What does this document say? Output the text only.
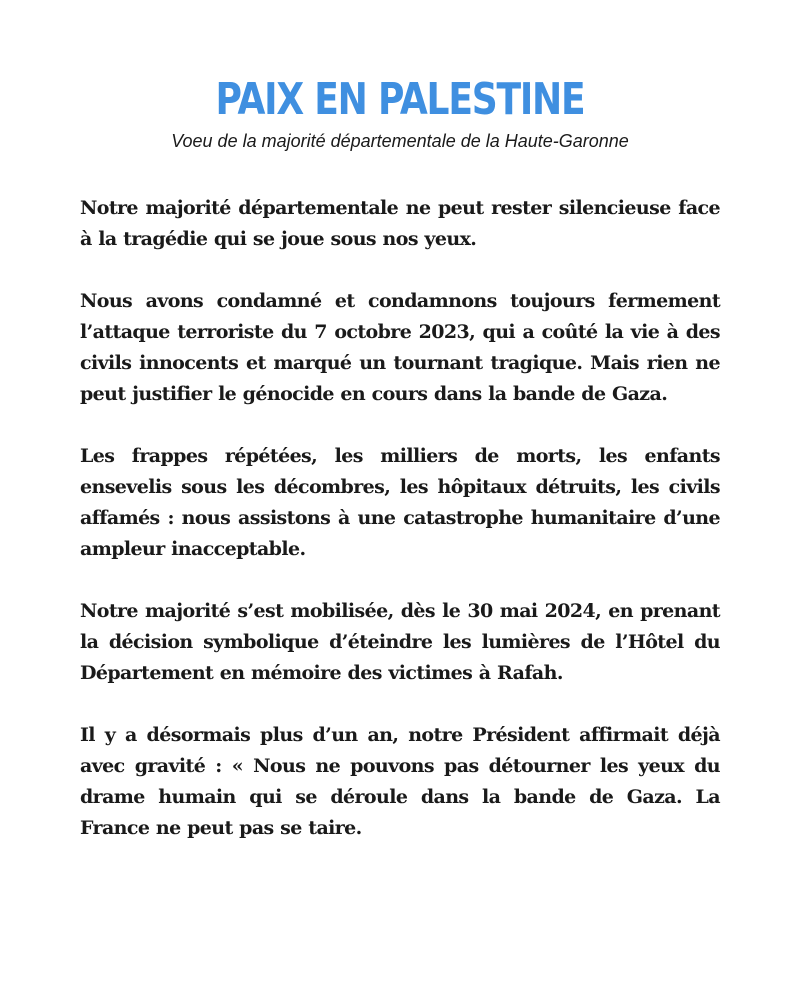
PAIX EN PALESTINE
Voeu de la majorité départementale de la Haute-Garonne

Notre majorité départementale ne peut rester silencieuse face à la tragédie qui se joue sous nos yeux.

Nous avons condamné et condamnons toujours fermement l’attaque terroriste du 7 octobre 2023, qui a coûté la vie à des civils innocents et marqué un tournant tragique. Mais rien ne peut justifier le génocide en cours dans la bande de Gaza.

Les frappes répétées, les milliers de morts, les enfants ensevelis sous les décombres, les hôpitaux détruits, les civils affamés : nous assistons à une catastrophe humanitaire d’une ampleur inacceptable.

Notre majorité s’est mobilisée, dès le 30 mai 2024, en prenant la décision symbolique d’éteindre les lumières de l’Hôtel du Département en mémoire des victimes à Rafah.

Il y a désormais plus d’un an, notre Président affirmait déjà avec gravité : « Nous ne pouvons pas détourner les yeux du drame humain qui se déroule dans la bande de Gaza. La France ne peut pas se taire.
